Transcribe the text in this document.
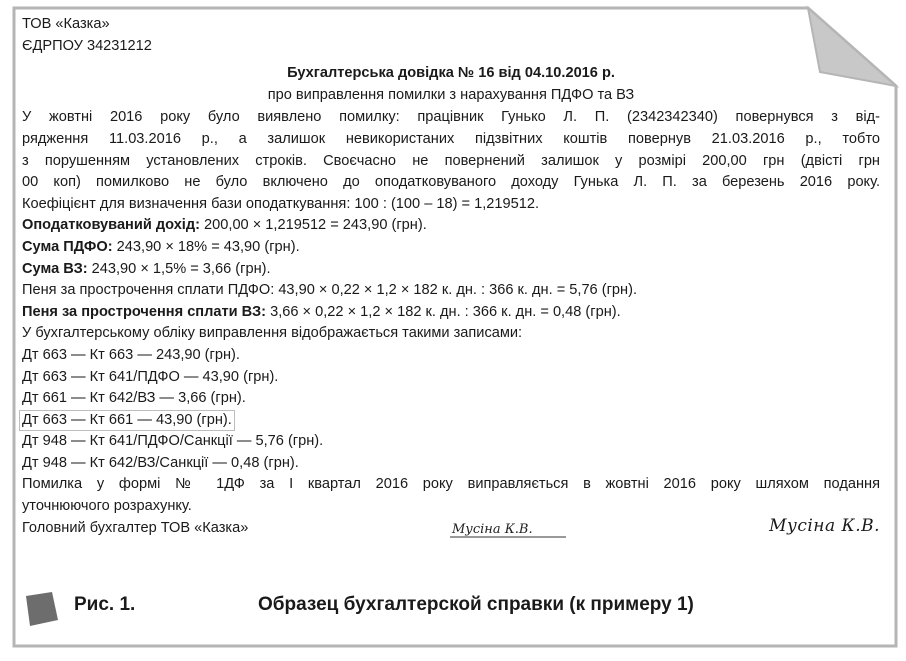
ТОВ «Казка»
ЄДРПОУ 34231212
Бухгалтерська довідка № 16 від 04.10.2016 р.
про виправлення помилки з нарахування ПДФО та ВЗ
У жовтні 2016 року було виявлено помилку: працівник Гунько Л. П. (2342342340) повернувся з від-
рядження 11.03.2016 р., а залишок невикористаних підзвітних коштів повернув 21.03.2016 р., тобто
з порушенням установлених строків. Своєчасно не повернений залишок у розмірі 200,00 грн (двісті грн
00 коп) помилково не було включено до оподатковуваного доходу Гунька Л. П. за березень 2016 року.
Коефіцієнт для визначення бази оподаткування: 100 : (100 – 18) = 1,219512.
Оподатковуваний дохід: 200,00 × 1,219512 = 243,90 (грн).
Сума ПДФО: 243,90 × 18% = 43,90 (грн).
Сума ВЗ: 243,90 × 1,5% = 3,66 (грн).
Пеня за прострочення сплати ПДФО: 43,90 × 0,22 × 1,2 × 182 к. дн. : 366 к. дн. = 5,76 (грн).
Пеня за прострочення сплати ВЗ: 3,66 × 0,22 × 1,2 × 182 к. дн. : 366 к. дн. = 0,48 (грн).
У бухгалтерському обліку виправлення відображається такими записами:
Дт 663 — Кт 663 — 243,90 (грн).
Дт 663 — Кт 641/ПДФО — 43,90 (грн).
Дт 661 — Кт 642/ВЗ — 3,66 (грн).
Дт 663 — Кт 661 — 43,90 (грн).
Дт 948 — Кт 641/ПДФО/Санкції — 5,76 (грн).
Дт 948 — Кт 642/ВЗ/Санкції — 0,48 (грн).
Помилка у формі № 1ДФ за I квартал 2016 року виправляється в жовтні 2016 року шляхом подання
уточнюючого розрахунку.
Головний бухгалтер ТОВ «Казка»	Мусіна К.В.	Мусіна К.В.
Рис. 1.	Образец бухгалтерской справки (к примеру 1)
